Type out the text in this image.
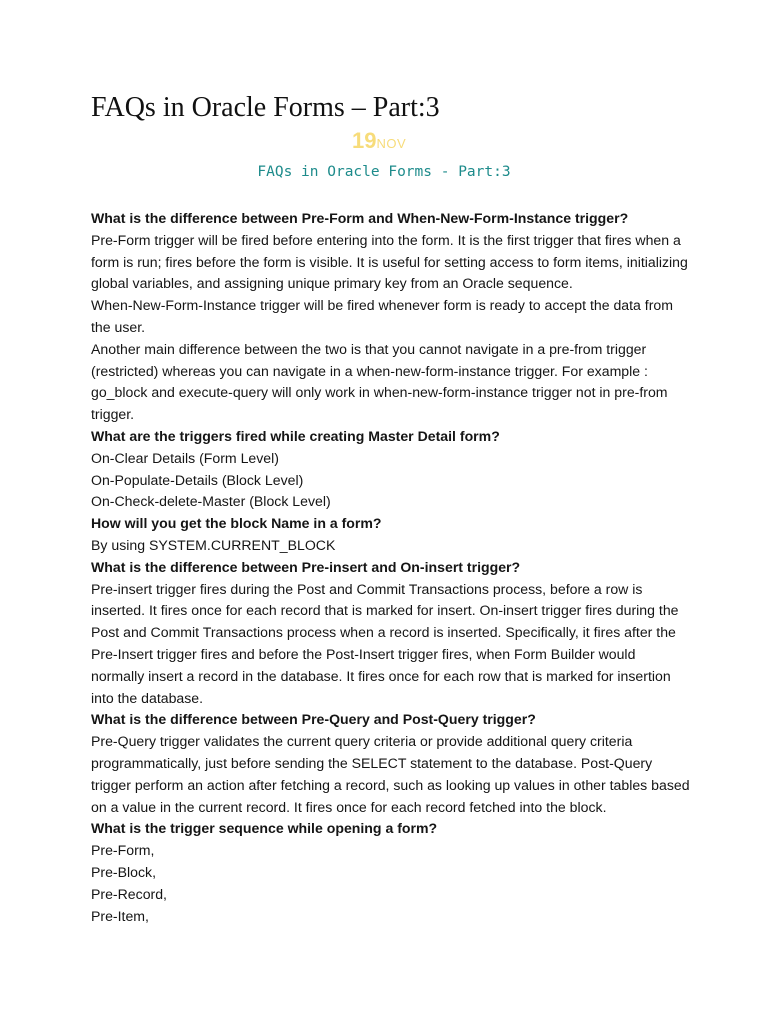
FAQs in Oracle Forms – Part:3
19NOV
FAQs in Oracle Forms - Part:3
What is the difference between Pre-Form and When-New-Form-Instance trigger?
Pre-Form trigger will be fired before entering into the form. It is the first trigger that fires when a
form is run; fires before the form is visible. It is useful for setting access to form items, initializing
global variables, and assigning unique primary key from an Oracle sequence.
When-New-Form-Instance trigger will be fired whenever form is ready to accept the data from
the user.
Another main difference between the two is that you cannot navigate in a pre-from trigger
(restricted) whereas you can navigate in a when-new-form-instance trigger. For example :
go_block and execute-query will only work in when-new-form-instance trigger not in pre-from
trigger.
What are the triggers fired while creating Master Detail form?
On-Clear Details (Form Level)
On-Populate-Details (Block Level)
On-Check-delete-Master (Block Level)
How will you get the block Name in a form?
By using SYSTEM.CURRENT_BLOCK
What is the difference between Pre-insert and On-insert trigger?
Pre-insert trigger fires during the Post and Commit Transactions process, before a row is
inserted. It fires once for each record that is marked for insert. On-insert trigger fires during the
Post and Commit Transactions process when a record is inserted. Specifically, it fires after the
Pre-Insert trigger fires and before the Post-Insert trigger fires, when Form Builder would
normally insert a record in the database. It fires once for each row that is marked for insertion
into the database.
What is the difference between Pre-Query and Post-Query trigger?
Pre-Query trigger validates the current query criteria or provide additional query criteria
programmatically, just before sending the SELECT statement to the database. Post-Query
trigger perform an action after fetching a record, such as looking up values in other tables based
on a value in the current record. It fires once for each record fetched into the block.
What is the trigger sequence while opening a form?
Pre-Form,
Pre-Block,
Pre-Record,
Pre-Item,
